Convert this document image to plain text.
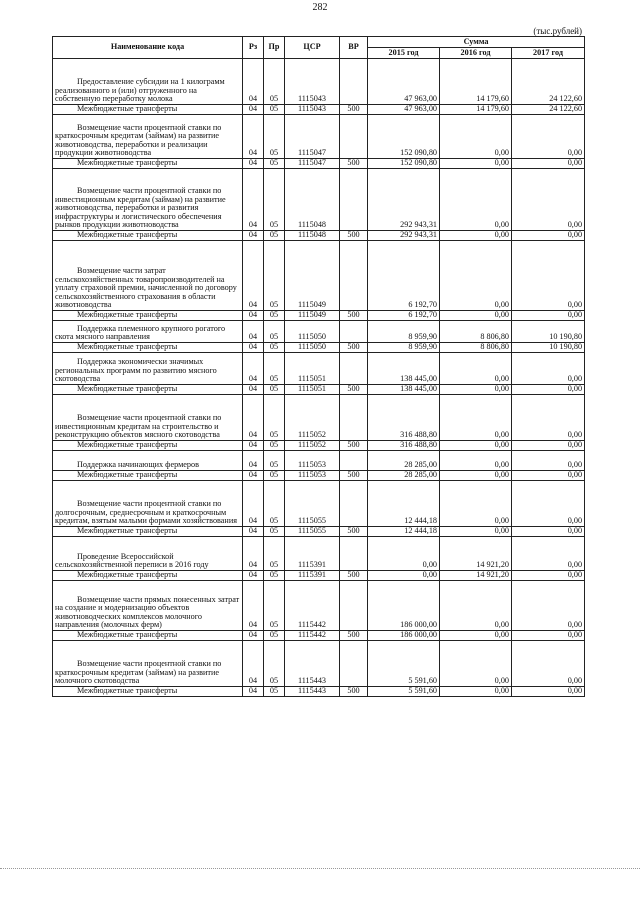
282
(тыс.рублей)
Наименование кода	Рз	Пр	ЦСР	ВР	Сумма		
					2015 год	2016 год	2017 год
Предоставление субсидии на 1 килограмм реализованного и (или) отгруженного на собственную переработку молока	04	05	1115043		47 963,00	14 179,60	24 122,60
Межбюджетные трансферты	04	05	1115043	500	47 963,00	14 179,60	24 122,60
Возмещение части процентной ставки по краткосрочным кредитам (займам) на развитие животноводства, переработки и реализации продукции животноводства	04	05	1115047		152 090,80	0,00	0,00
Межбюджетные трансферты	04	05	1115047	500	152 090,80	0,00	0,00
Возмещение части процентной ставки по инвестиционным кредитам (займам) на развитие животноводства, переработки и развития инфраструктуры и логистического обеспечения рынков продукции животноводства	04	05	1115048		292 943,31	0,00	0,00
Межбюджетные трансферты	04	05	1115048	500	292 943,31	0,00	0,00
Возмещение части затрат сельскохозяйственных товаропроизводителей на уплату страховой премии, начисленной по договору сельскохозяйственного страхования в области животноводства	04	05	1115049		6 192,70	0,00	0,00
Межбюджетные трансферты	04	05	1115049	500	6 192,70	0,00	0,00
Поддержка племенного крупного рогатого скота мясного направления	04	05	1115050		8 959,90	8 806,80	10 190,80
Межбюджетные трансферты	04	05	1115050	500	8 959,90	8 806,80	10 190,80
Поддержка экономически значимых региональных программ по развитию мясного скотоводства	04	05	1115051		138 445,00	0,00	0,00
Межбюджетные трансферты	04	05	1115051	500	138 445,00	0,00	0,00
Возмещение части процентной ставки по инвестиционным кредитам на строительство и реконструкцию объектов мясного скотоводства	04	05	1115052		316 488,80	0,00	0,00
Межбюджетные трансферты	04	05	1115052	500	316 488,80	0,00	0,00
Поддержка начинающих фермеров	04	05	1115053		28 285,00	0,00	0,00
Межбюджетные трансферты	04	05	1115053	500	28 285,00	0,00	0,00
Возмещение части процентной ставки по долгосрочным, среднесрочным и краткосрочным кредитам, взятым малыми формами хозяйствования	04	05	1115055		12 444,18	0,00	0,00
Межбюджетные трансферты	04	05	1115055	500	12 444,18	0,00	0,00
Проведение Всероссийской сельскохозяйственной переписи в 2016 году	04	05	1115391		0,00	14 921,20	0,00
Межбюджетные трансферты	04	05	1115391	500	0,00	14 921,20	0,00
Возмещение части прямых понесенных затрат на создание и модернизацию объектов животноводческих комплексов молочного направления (молочных ферм)	04	05	1115442		186 000,00	0,00	0,00
Межбюджетные трансферты	04	05	1115442	500	186 000,00	0,00	0,00
Возмещение части процентной ставки по краткосрочным кредитам (займам) на развитие молочного скотоводства	04	05	1115443		5 591,60	0,00	0,00
Межбюджетные трансферты	04	05	1115443	500	5 591,60	0,00	0,00
